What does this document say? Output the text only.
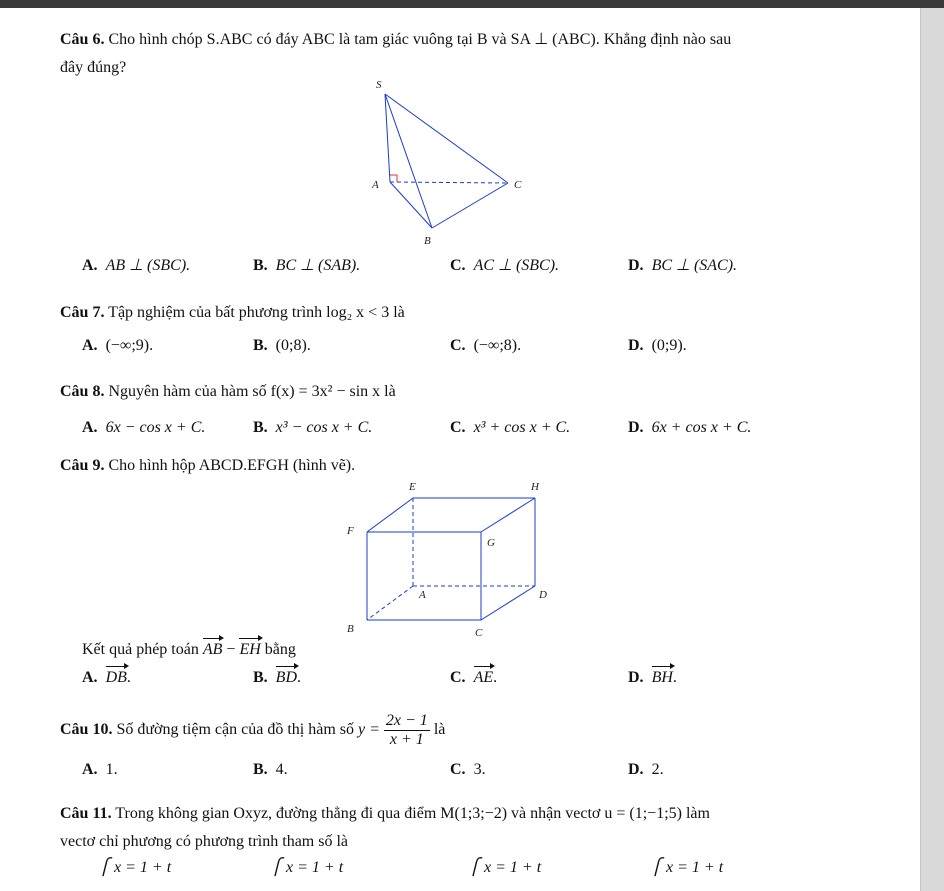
Câu 6. Cho hình chóp S.ABC có đáy ABC là tam giác vuông tại B và SA ⊥ (ABC). Khẳng định nào sau
đây đúng?
S
A	C
B
A. AB ⊥ (SBC).	B. BC ⊥ (SAB).	C. AC ⊥ (SBC).	D. BC ⊥ (SAC).
Câu 7. Tập nghiệm của bất phương trình log₂ x < 3 là
A. (−∞;9).	B. (0;8).	C. (−∞;8).	D. (0;9).
Câu 8. Nguyên hàm của hàm số f(x) = 3x² − sin x là
A. 6x − cos x + C.	B. x³ − cos x + C.	C. x³ + cos x + C.	D. 6x + cos x + C.
Câu 9. Cho hình hộp ABCD.EFGH (hình vẽ).
E	H
F
G
A	D
B	C
Kết quả phép toán AB − EH bằng
A. DB.	B. BD.	C. AE.	D. BH.
Câu 10. Số đường tiệm cận của đồ thị hàm số $y = \frac{2x - 1}{x + 1}$ là
A. 1.	B. 4.	C. 3.	D. 2.
Câu 11. Trong không gian Oxyz, đường thẳng đi qua điểm M(1;3;−2) và nhận vectơ u = (1;−1;5) làm
vectơ chỉ phương có phương trình tham số là
⎧ x = 1 + t	⎧ x = 1 + t	⎧ x = 1 + t	⎧ x = 1 + t
